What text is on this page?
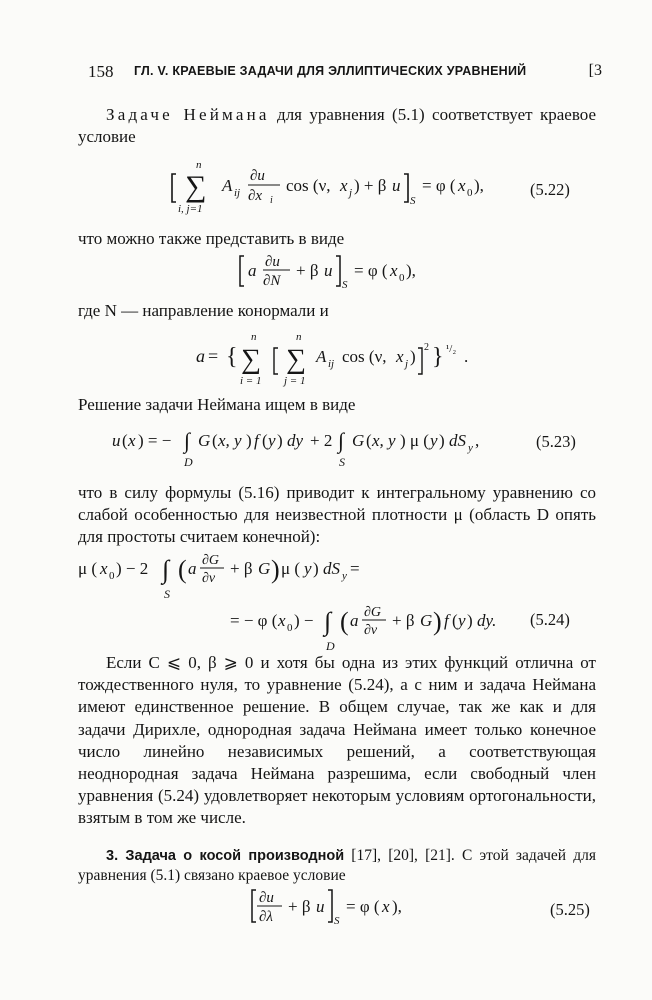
158 ГЛ. V. КРАЕВЫЕ ЗАДАЧИ ДЛЯ ЭЛЛИПТИЧЕСКИХ УРАВНЕНИЙ	[3
Задаче Неймана для уравнения (5.1) соответствует краевое условие
n
∑
i, j=1
A ij
∂u
∂x i
cos (ν, x j ) + β u
S
= φ ( x 0 ),	(5.22)
что можно также представить в виде
a ∂u
∂N
+ β u
S
= φ ( x 0 ),
где N — направление конормали и
a = {
n
∑
i = 1
n
∑
j = 1
A ij cos (ν, x j ) 2 } ¹/₂ .
Решение задачи Неймана ищем в виде
u ( x ) = − ∫
D
G ( x, y ) f ( y ) dy + 2 ∫
S
G ( x, y ) μ ( y ) dS y ,	(5.23)
что в силу формулы (5.16) приводит к интегральному уравнению со слабой особенностью для неизвестной плотности μ (область D опять для простоты считаем конечной):
μ ( x 0 ) − 2 ∫
S
( a ∂G
∂ν
+ β G ) μ ( y ) dS y =
= − φ ( x 0 ) − ∫
D
( a ∂G
∂ν
+ β G ) f ( y ) dy. (5.24)
Если C ⩽ 0, β ⩾ 0 и хотя бы одна из этих функций отлична от тождественного нуля, то уравнение (5.24), а с ним и задача Неймана имеют единственное решение. В общем случае, так же как и для задачи Дирихле, однородная задача Неймана имеет только конечное число линейно независимых решений, а соответствующая неоднородная задача Неймана разрешима, если свободный член уравнения (5.24) удовлетворяет некоторым условиям ортогональности, взятым в том же числе.
3. Задача о косой производной [17], [20], [21]. С этой задачей для уравнения (5.1) связано краевое условие
∂u
∂λ
+ β u
S
= φ ( x ),	(5.25)
